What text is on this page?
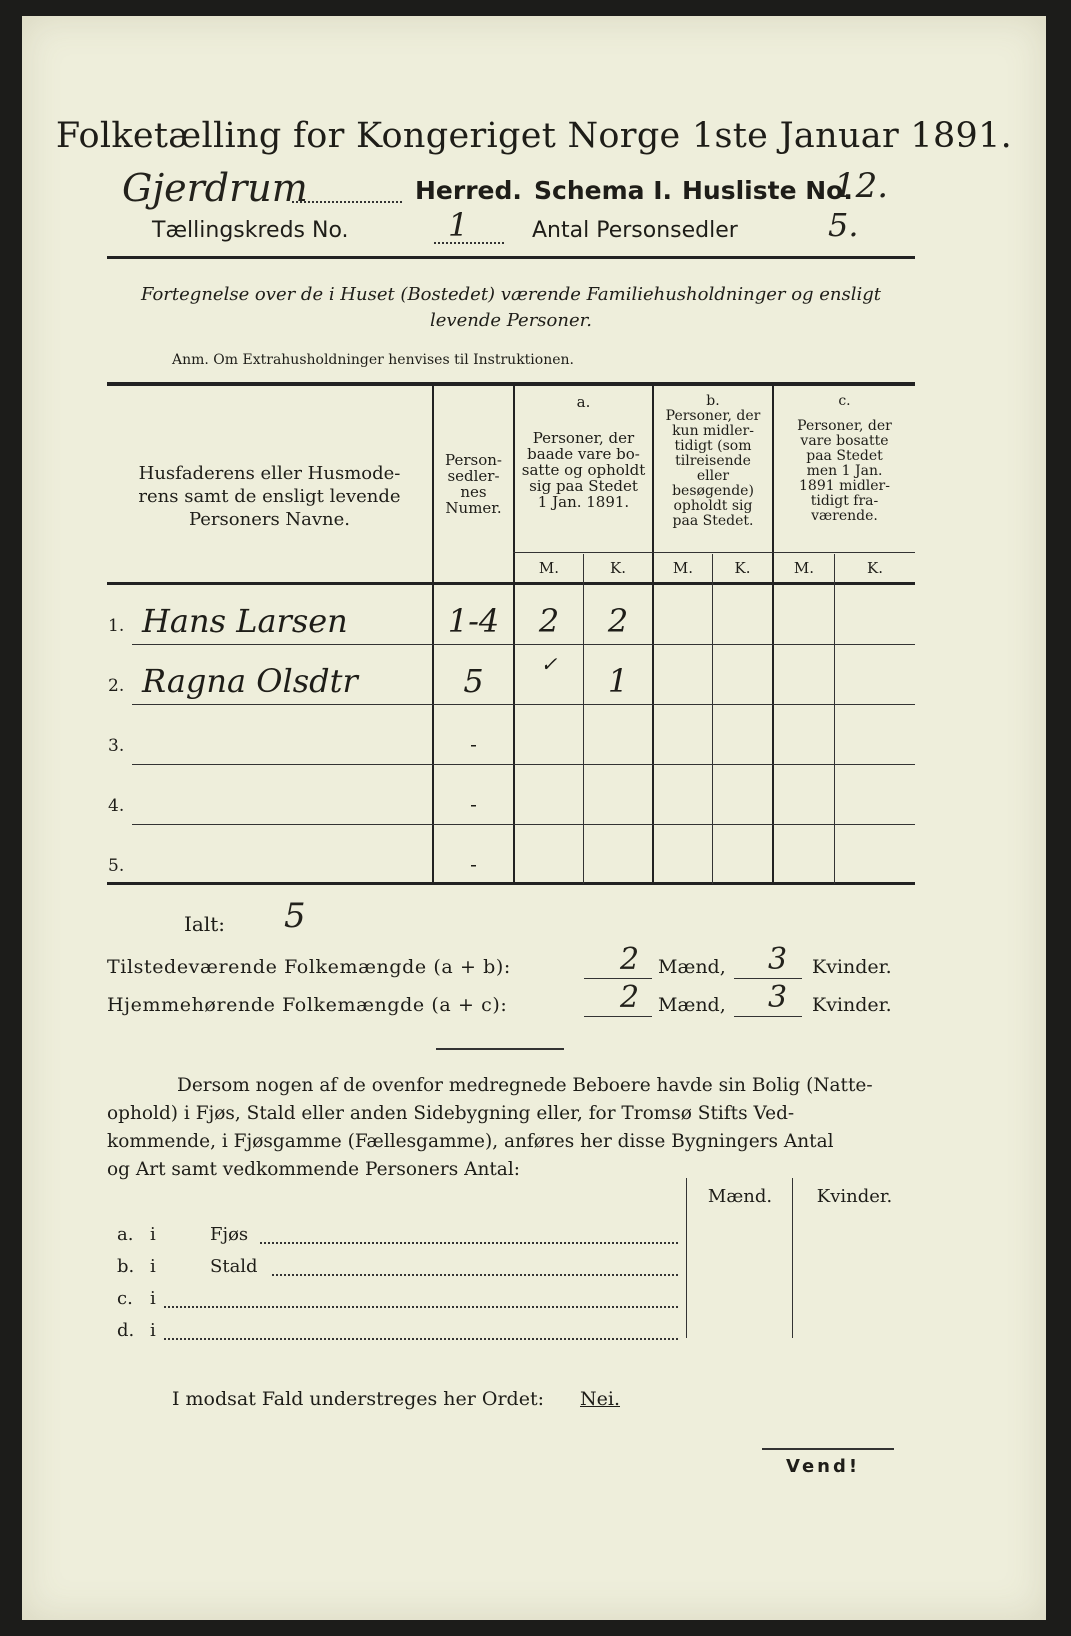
Folketælling for Kongeriget Norge 1ste Januar 1891.
Gjerdrum	Herred. Schema I. Husliste No.
12.
Tællingskreds No.	1	Antal Personsedler	5.
Fortegnelse over de i Huset (Bostedet) værende Familiehusholdninger og ensligt
levende Personer.
Anm. Om Extrahusholdninger henvises til Instruktionen.
Husfaderens eller Husmode-
rens samt de ensligt levende
Personers Navne.
Person-
sedler-
nes
Numer.
a.
Personer, der
baade vare bo-
satte og opholdt
sig paa Stedet
1 Jan. 1891.
b.
Personer, der
kun midler-
tidigt (som
tilreisende
eller
besøgende)
opholdt sig
paa Stedet.
c.
Personer, der
vare bosatte
paa Stedet
men 1 Jan.
1891 midler-
tidigt fra-
værende.
M.	K.	M.	K.	M.	K.
1. Hans Larsen	1-4	2	2
2. Ragna Olsdtr	5	✓	1
3.	-
4.	-
5.	-
Ialt: 5
Tilstedeværende Folkemængde (a + b):	2 Mænd, 3 Kvinder.
Hjemmehørende Folkemængde (a + c):	2 Mænd, 3 Kvinder.
Dersom nogen af de ovenfor medregnede Beboere havde sin Bolig (Natte-
ophold) i Fjøs, Stald eller anden Sidebygning eller, for Tromsø Stifts Ved-
kommende, i Fjøsgamme (Fællesgamme), anføres her disse Bygningers Antal
og Art samt vedkommende Personers Antal:
Mænd.	Kvinder.
a. i	Fjøs
b. i	Stald
c. i
d. i
I modsat Fald understreges her Ordet: Nei.
Vend!
